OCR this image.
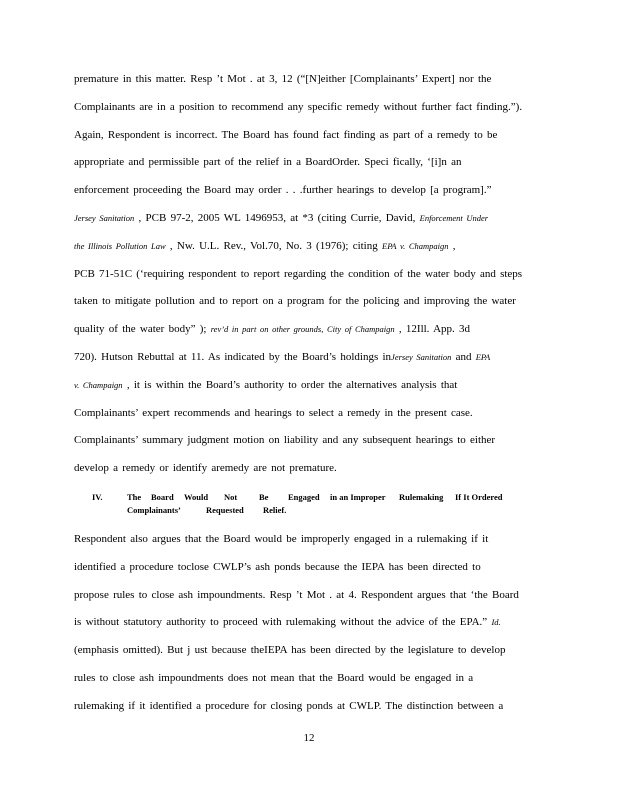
premature in this matter. Resp ’t Mot . at 3, 12 (“[N]either [Complainants’ Expert] nor the
Complainants are in a position to recommend any specific remedy without further fact finding.”).
Again, Respondent is incorrect. The Board has found fact finding as part of a remedy to be
appropriate and permissible part of the relief in a BoardOrder. Speci fically, ‘[i]n an
enforcement proceeding the Board may order . . .further hearings to develop [a program].”
Jersey Sanitation , PCB 97-2, 2005 WL 1496953, at *3 (citing Currie, David, Enforcement Under
the Illinois Pollution Law , Nw. U.L. Rev., Vol.70, No. 3 (1976); citing EPA v. Champaign ,
PCB 71-51C (‘requiring respondent to report regarding the condition of the water body and steps
taken to mitigate pollution and to report on a program for the policing and improving the water
quality of the water body” ); rev’d in part on other grounds, City of Champaign , 12Ill. App. 3d
720). Hutson Rebuttal at 11. As indicated by the Board’s holdings inJersey Sanitation and EPA
v. Champaign , it is within the Board’s authority to order the alternatives analysis that
Complainants’ expert recommends and hearings to select a remedy in the present case.
Complainants’ summary judgment motion on liability and any subsequent hearings to either
develop a remedy or identify aremedy are not premature.
IV.	The Board Would Not	Be Engaged in an Improper Rulemaking If It Ordered
Complainants’	Requested Relief.
Respondent also argues that the Board would be improperly engaged in a rulemaking if it
identified a procedure toclose CWLP’s ash ponds because the IEPA has been directed to
propose rules to close ash impoundments. Resp ’t Mot . at 4. Respondent argues that ‘the Board
is without statutory authority to proceed with rulemaking without the advice of the EPA.” Id.
(emphasis omitted). But j ust because theIEPA has been directed by the legislature to develop
rules to close ash impoundments does not mean that the Board would be engaged in a
rulemaking if it identified a procedure for closing ponds at CWLP. The distinction between a
12
